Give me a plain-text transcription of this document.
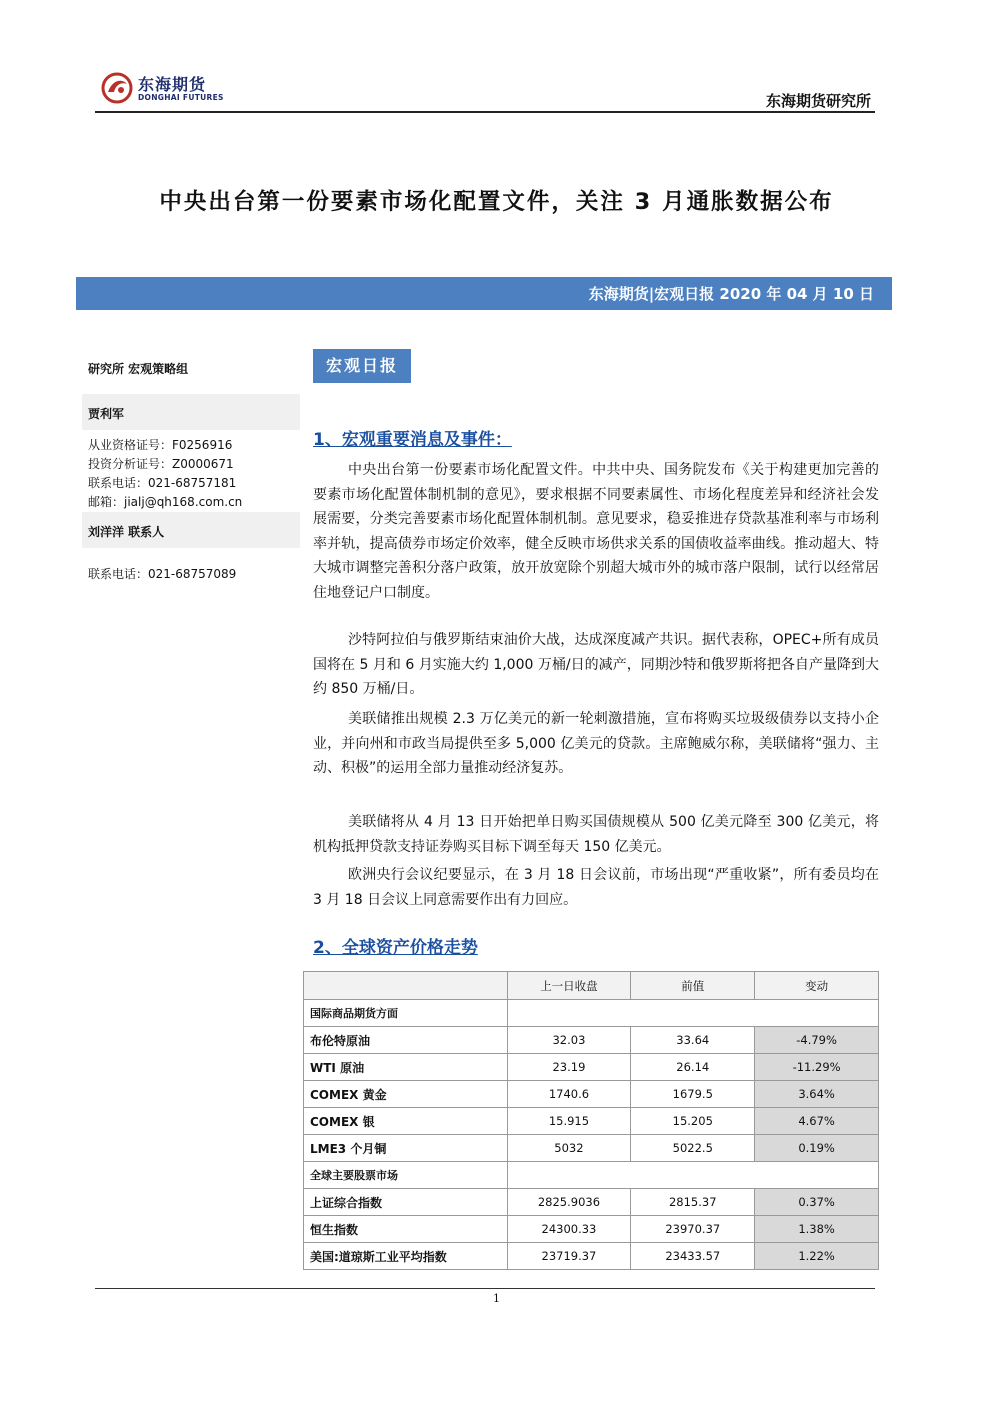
东海期货
DONGHAI FUTURES	东海期货研究所
中央出台第一份要素市场化配置文件，关注 3 月通胀数据公布
东海期货|宏观日报 2020 年 04 月 10 日
研究所 宏观策略组
贾利军
从业资格证号：F0256916
投资分析证号：Z0000671
联系电话：021-68757181
邮箱：jialj@qh168.com.cn
刘洋洋 联系人
联系电话：021-68757089
宏观日报
1、宏观重要消息及事件：
中央出台第一份要素市场化配置文件。中共中央、国务院发布《关于构建更加完善的要素市场化配置体制机制的意见》，要求根据不同要素属性、市场化程度差异和经济社会发展需要，分类完善要素市场化配置体制机制。意见要求，稳妥推进存贷款基准利率与市场利率并轨，提高债券市场定价效率，健全反映市场供求关系的国债收益率曲线。推动超大、特大城市调整完善积分落户政策，放开放宽除个别超大城市外的城市落户限制，试行以经常居住地登记户口制度。
沙特阿拉伯与俄罗斯结束油价大战，达成深度减产共识。据代表称，OPEC+所有成员国将在 5 月和 6 月实施大约 1,000 万桶/日的减产，同期沙特和俄罗斯将把各自产量降到大约 850 万桶/日。
美联储推出规模 2.3 万亿美元的新一轮刺激措施，宣布将购买垃圾级债券以支持小企业，并向州和市政当局提供至多 5,000 亿美元的贷款。主席鲍威尔称，美联储将“强力、主动、积极”的运用全部力量推动经济复苏。
美联储将从 4 月 13 日开始把单日购买国债规模从 500 亿美元降至 300 亿美元，将机构抵押贷款支持证券购买目标下调至每天 150 亿美元。
欧洲央行会议纪要显示，在 3 月 18 日会议前，市场出现“严重收紧”，所有委员均在 3 月 18 日会议上同意需要作出有力回应。
2、全球资产价格走势
	上一日收盘	前值	变动
国际商品期货方面			
布伦特原油	32.03	33.64	-4.79%
WTI 原油	23.19	26.14	-11.29%
COMEX 黄金	1740.6	1679.5	3.64%
COMEX 银	15.915	15.205	4.67%
LME3 个月铜	5032	5022.5	0.19%
全球主要股票市场			
上证综合指数	2825.9036	2815.37	0.37%
恒生指数	24300.33	23970.37	1.38%
美国:道琼斯工业平均指数	23719.37	23433.57	1.22%
1
